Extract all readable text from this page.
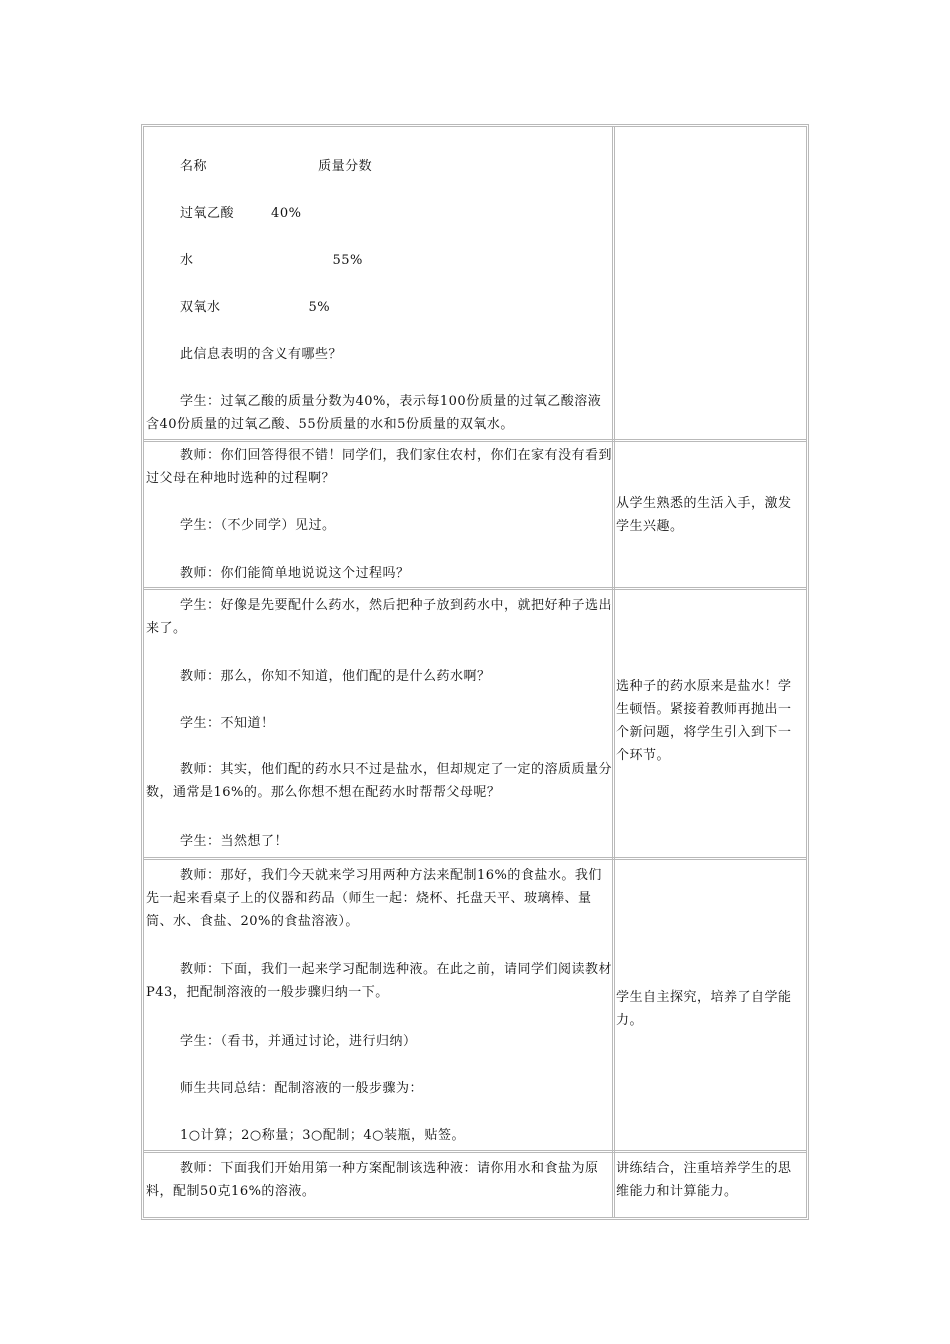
名称                        质量分数

过氧乙酸        40%

水                              55%

双氧水                   5%

此信息表明的含义有哪些？

学生：过氧乙酸的质量分数为40%，表示每100份质量的过氧乙酸溶液含40份质量的过氧乙酸、55份质量的水和5份质量的双氧水。

教师：你们回答得很不错！同学们，我们家住农村，你们在家有没有看到过父母在种地时选种的过程啊？

学生：（不少同学）见过。

教师：你们能简单地说说这个过程吗？

从学生熟悉的生活入手，激发学生兴趣。

学生：好像是先要配什么药水，然后把种子放到药水中，就把好种子选出来了。

教师：那么，你知不知道，他们配的是什么药水啊？

学生：不知道！

教师：其实，他们配的药水只不过是盐水，但却规定了一定的溶质质量分数，通常是16%的。那么你想不想在配药水时帮帮父母呢？

学生：当然想了！

选种子的药水原来是盐水！学生顿悟。紧接着教师再抛出一个新问题，将学生引入到下一个环节。

教师：那好，我们今天就来学习用两种方法来配制16%的食盐水。我们先一起来看桌子上的仪器和药品（师生一起：烧杯、托盘天平、玻璃棒、量筒、水、食盐、20%的食盐溶液）。

教师：下面，我们一起来学习配制选种液。在此之前，请同学们阅读教材P43，把配制溶液的一般步骤归纳一下。

学生：（看书，并通过讨论，进行归纳）

师生共同总结：配制溶液的一般步骤为：

1○计算；2○称量；3○配制；4○装瓶，贴签。

学生自主探究，培养了自学能力。

教师：下面我们开始用第一种方案配制该选种液：请你用水和食盐为原料，配制50克16%的溶液。

讲练结合，注重培养学生的思维能力和计算能力。
